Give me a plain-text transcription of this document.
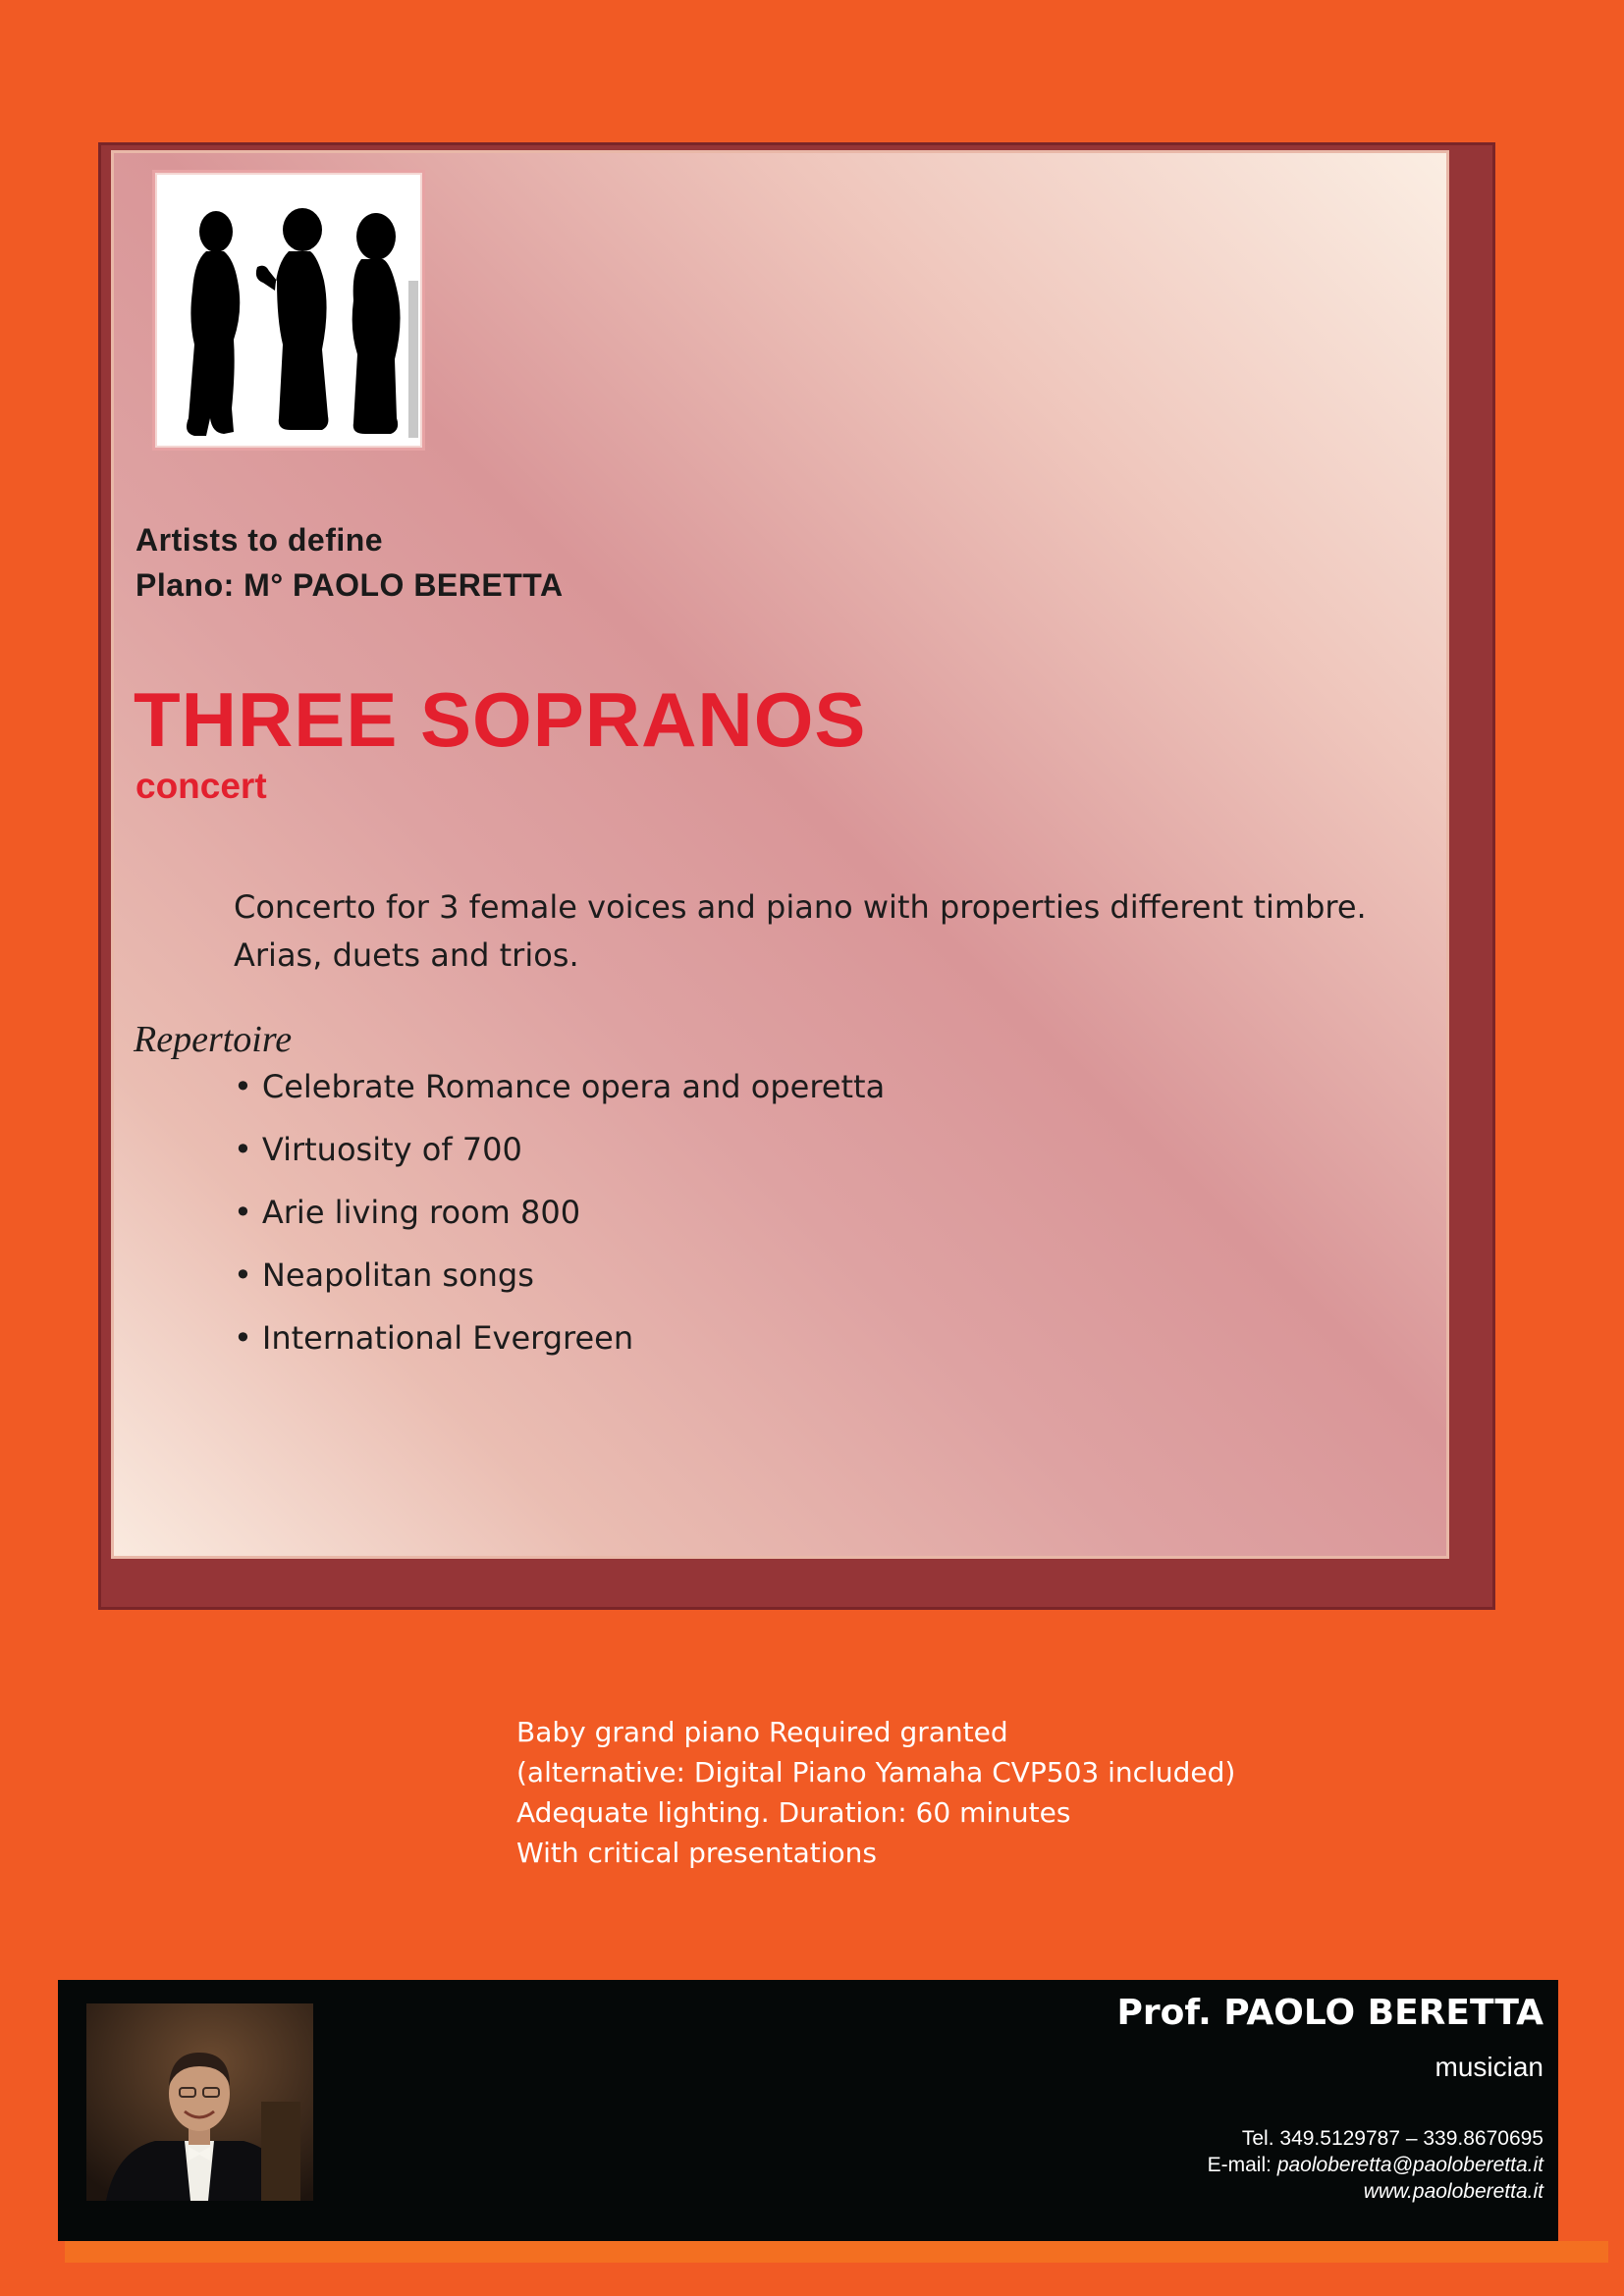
Artists to define
Plano: M° PAOLO BERETTA
THREE SOPRANOS
concert
Concerto for 3 female voices and piano with properties different timbre.
Arias, duets and trios.
Repertoire
• Celebrate Romance opera and operetta
• Virtuosity of 700
• Arie living room 800
• Neapolitan songs
• International Evergreen
Baby grand piano Required granted
(alternative: Digital Piano Yamaha CVP503 included)
Adequate lighting. Duration: 60 minutes
With critical presentations
Prof. PAOLO BERETTA
musician
Tel. 349.5129787 – 339.8670695
E-mail: paoloberetta@paoloberetta.it
www.paoloberetta.it
